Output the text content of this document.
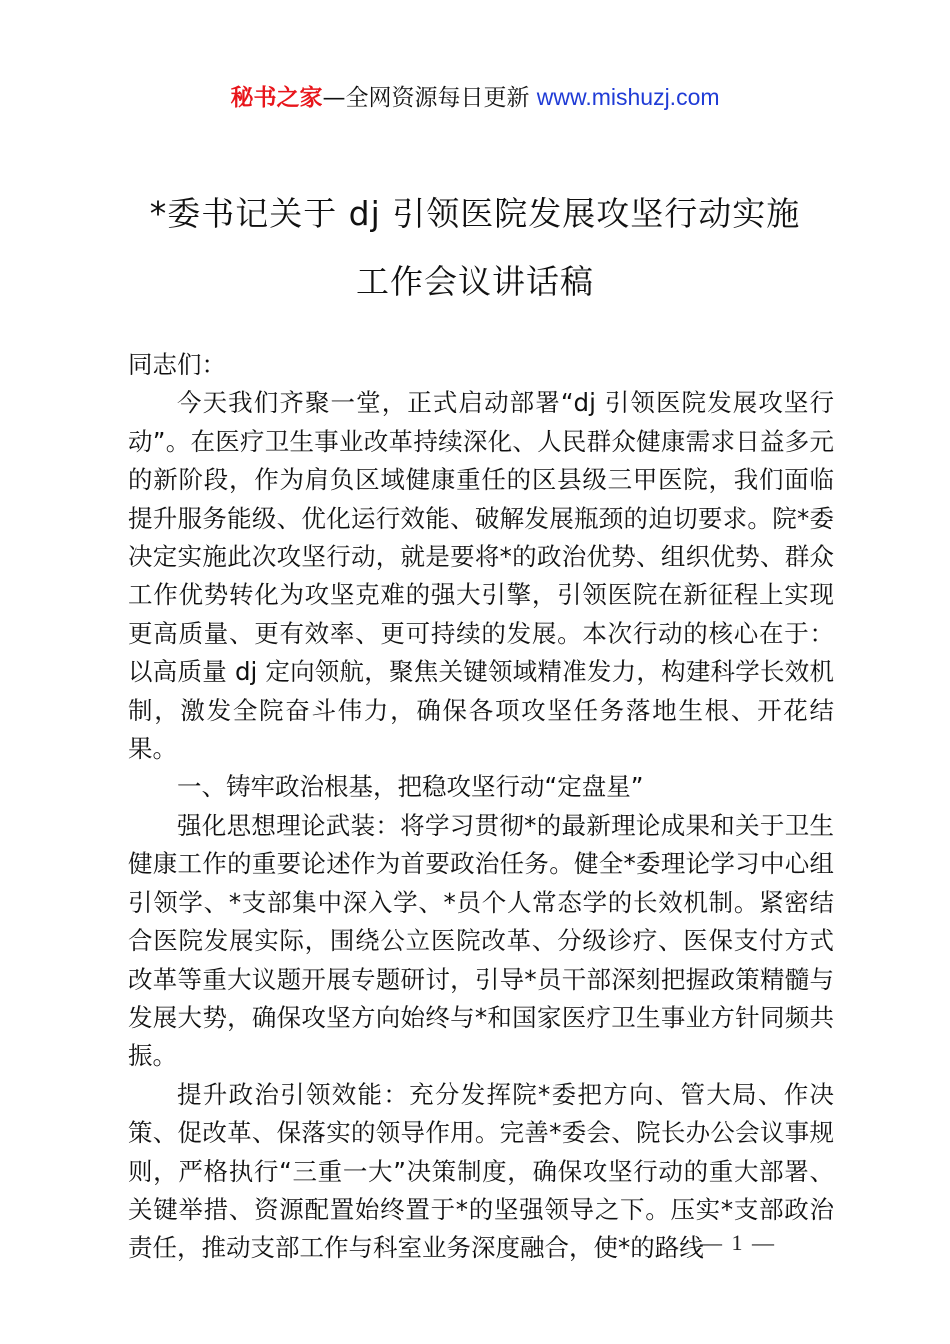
秘书之家—全网资源每日更新 www.mishuzj.com
*委书记关于 dj 引领医院发展攻坚行动实施
工作会议讲话稿

同志们：

今天我们齐聚一堂，正式启动部署“dj 引领医院发展攻坚行动”。在医疗卫生事业改革持续深化、人民群众健康需求日益多元的新阶段，作为肩负区域健康重任的区县级三甲医院，我们面临提升服务能级、优化运行效能、破解发展瓶颈的迫切要求。院*委决定实施此次攻坚行动，就是要将*的政治优势、组织优势、群众工作优势转化为攻坚克难的强大引擎，引领医院在新征程上实现更高质量、更有效率、更可持续的发展。本次行动的核心在于：以高质量 dj 定向领航，聚焦关键领域精准发力，构建科学长效机制，激发全院奋斗伟力，确保各项攻坚任务落地生根、开花结果。

一、铸牢政治根基，把稳攻坚行动“定盘星”

强化思想理论武装：将学习贯彻*的最新理论成果和关于卫生健康工作的重要论述作为首要政治任务。健全*委理论学习中心组引领学、*支部集中深入学、*员个人常态学的长效机制。紧密结合医院发展实际，围绕公立医院改革、分级诊疗、医保支付方式改革等重大议题开展专题研讨，引导*员干部深刻把握政策精髓与发展大势，确保攻坚方向始终与*和国家医疗卫生事业方针同频共振。

提升政治引领效能：充分发挥院*委把方向、管大局、作决策、促改革、保落实的领导作用。完善*委会、院长办公会议事规则，严格执行“三重一大”决策制度，确保攻坚行动的重大部署、关键举措、资源配置始终置于*的坚强领导之下。压实*支部政治责任，推动支部工作与科室业务深度融合，使*的路线

— 1 —
